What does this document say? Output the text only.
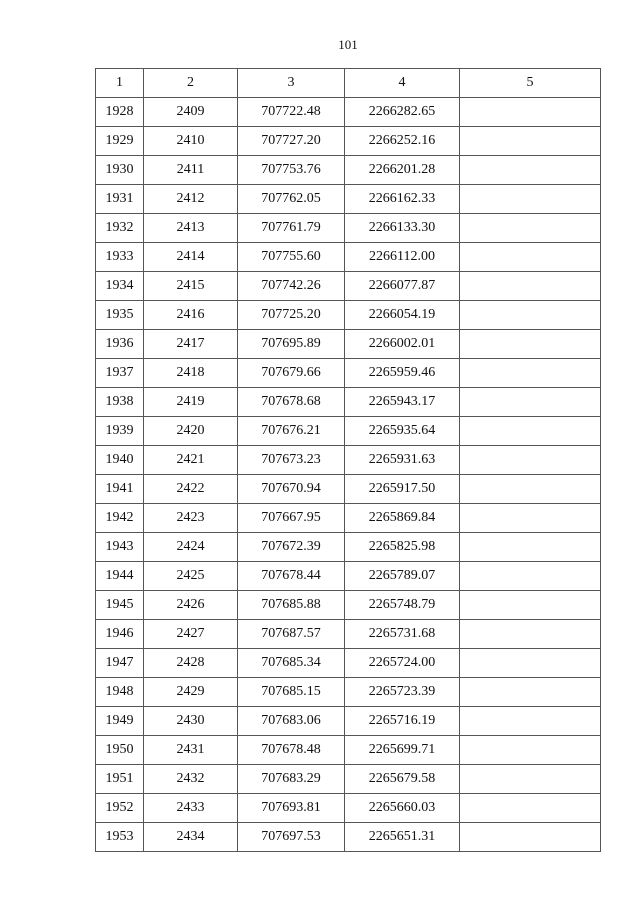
101
1	2	3	4	5
1928	2409	707722.48	2266282.65	
1929	2410	707727.20	2266252.16	
1930	2411	707753.76	2266201.28	
1931	2412	707762.05	2266162.33	
1932	2413	707761.79	2266133.30	
1933	2414	707755.60	2266112.00	
1934	2415	707742.26	2266077.87	
1935	2416	707725.20	2266054.19	
1936	2417	707695.89	2266002.01	
1937	2418	707679.66	2265959.46	
1938	2419	707678.68	2265943.17	
1939	2420	707676.21	2265935.64	
1940	2421	707673.23	2265931.63	
1941	2422	707670.94	2265917.50	
1942	2423	707667.95	2265869.84	
1943	2424	707672.39	2265825.98	
1944	2425	707678.44	2265789.07	
1945	2426	707685.88	2265748.79	
1946	2427	707687.57	2265731.68	
1947	2428	707685.34	2265724.00	
1948	2429	707685.15	2265723.39	
1949	2430	707683.06	2265716.19	
1950	2431	707678.48	2265699.71	
1951	2432	707683.29	2265679.58	
1952	2433	707693.81	2265660.03	
1953	2434	707697.53	2265651.31	
